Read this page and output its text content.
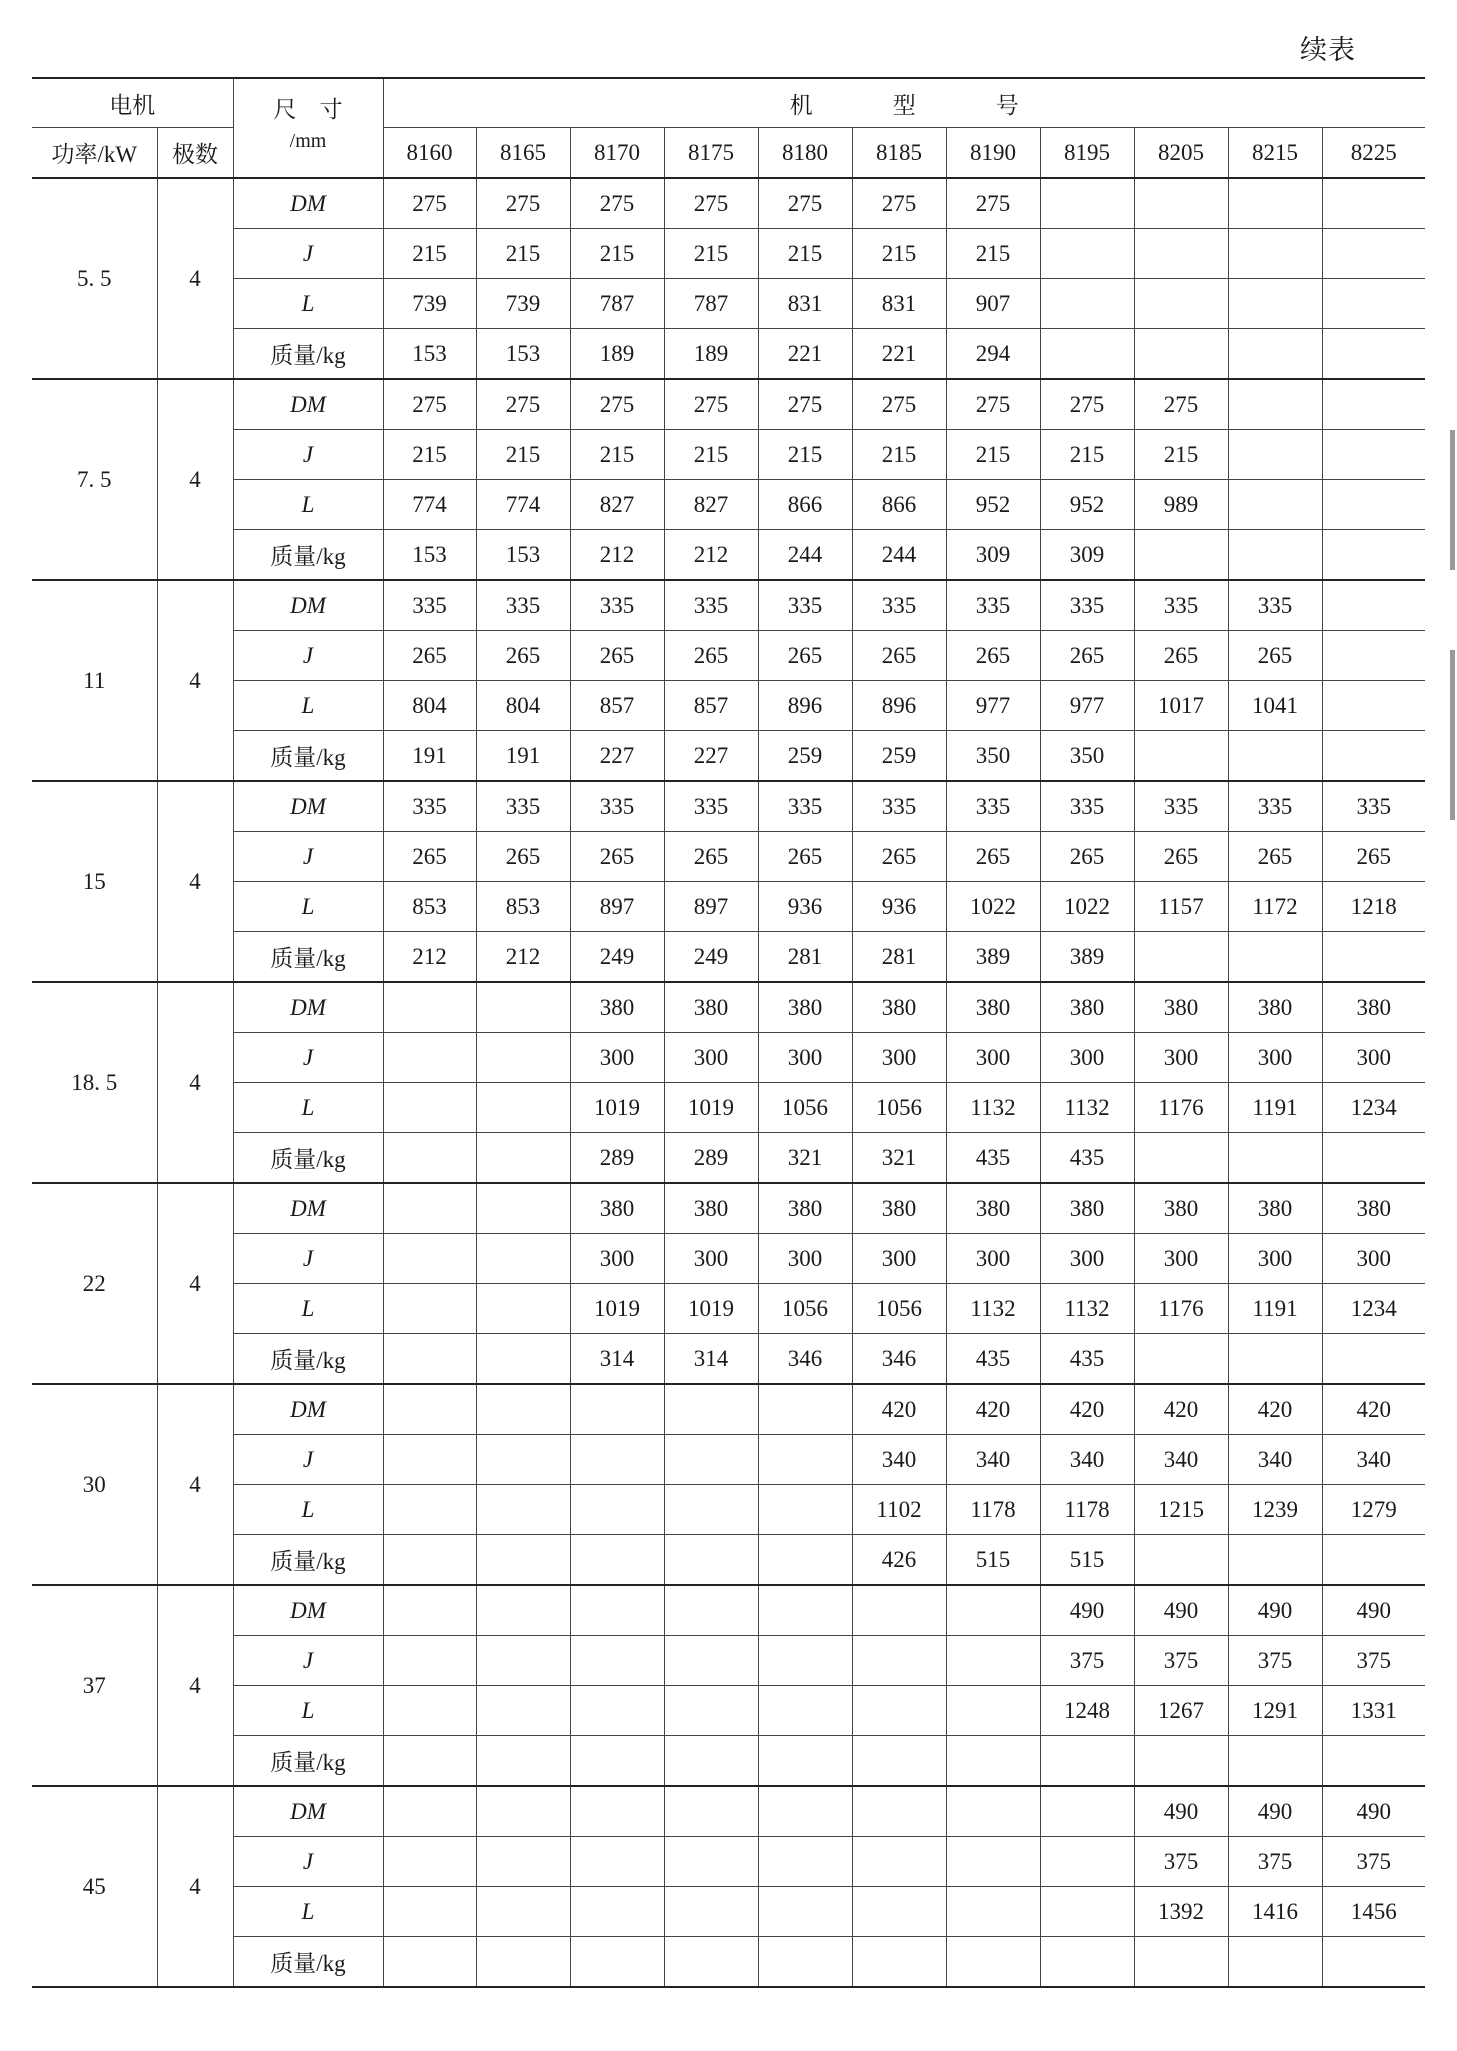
续表
电机		尺　寸
/mm	机 型 号										
功率/kW	极数		8160	8165	8170	8175	8180	8185	8190	8195	8205	8215	8225
5. 5	4	DM	275	275	275	275	275	275	275				
		J	215	215	215	215	215	215	215				
		L	739	739	787	787	831	831	907				
		质量/kg	153	153	189	189	221	221	294				
7. 5	4	DM	275	275	275	275	275	275	275	275	275		
		J	215	215	215	215	215	215	215	215	215		
		L	774	774	827	827	866	866	952	952	989		
		质量/kg	153	153	212	212	244	244	309	309			
11	4	DM	335	335	335	335	335	335	335	335	335	335	
		J	265	265	265	265	265	265	265	265	265	265	
		L	804	804	857	857	896	896	977	977	1017	1041	
		质量/kg	191	191	227	227	259	259	350	350			
15	4	DM	335	335	335	335	335	335	335	335	335	335	335
		J	265	265	265	265	265	265	265	265	265	265	265
		L	853	853	897	897	936	936	1022	1022	1157	1172	1218
		质量/kg	212	212	249	249	281	281	389	389			
18. 5	4	DM			380	380	380	380	380	380	380	380	380
		J			300	300	300	300	300	300	300	300	300
		L			1019	1019	1056	1056	1132	1132	1176	1191	1234
		质量/kg			289	289	321	321	435	435			
22	4	DM			380	380	380	380	380	380	380	380	380
		J			300	300	300	300	300	300	300	300	300
		L			1019	1019	1056	1056	1132	1132	1176	1191	1234
		质量/kg			314	314	346	346	435	435			
30	4	DM						420	420	420	420	420	420
		J						340	340	340	340	340	340
		L						1102	1178	1178	1215	1239	1279
		质量/kg						426	515	515			
37	4	DM								490	490	490	490
		J								375	375	375	375
		L								1248	1267	1291	1331
		质量/kg											
45	4	DM									490	490	490
		J									375	375	375
		L									1392	1416	1456
		质量/kg											
